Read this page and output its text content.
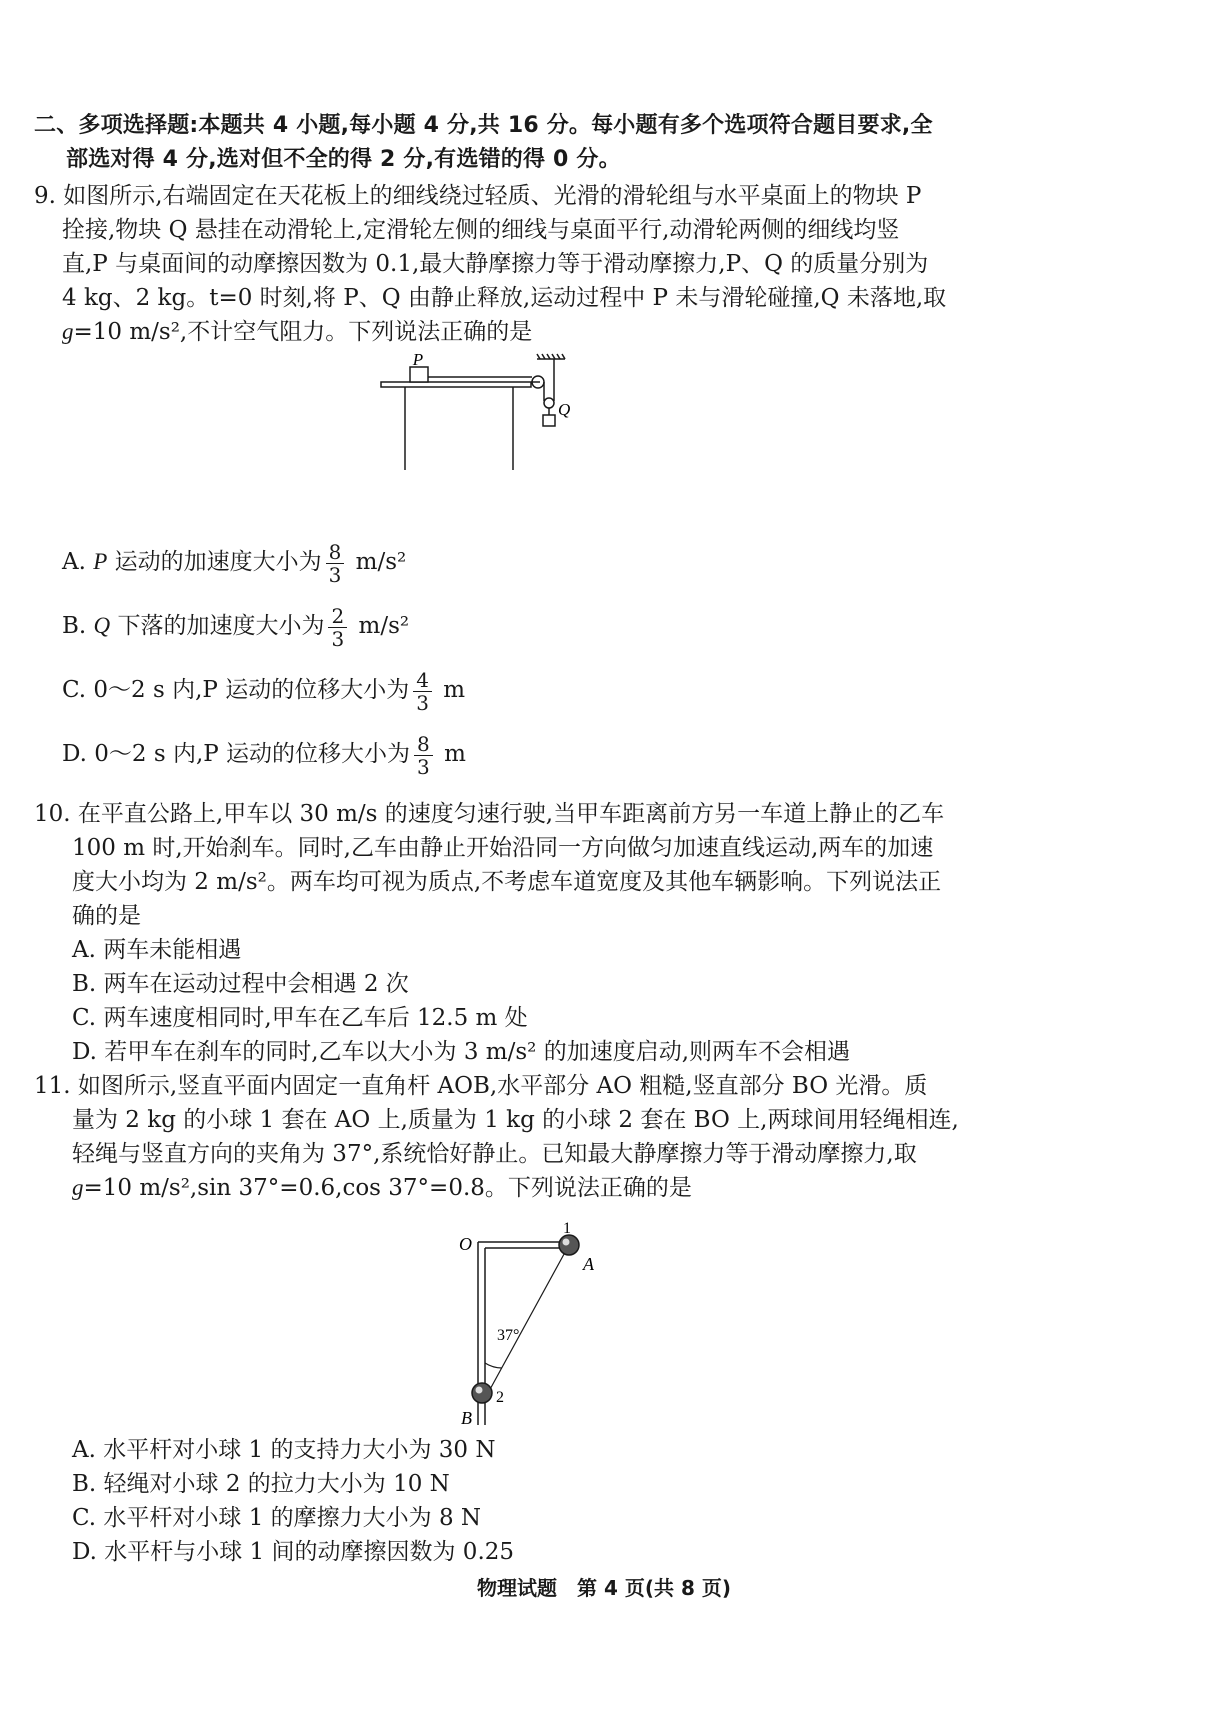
二、多项选择题:本题共 4 小题,每小题 4 分,共 16 分。每小题有多个选项符合题目要求,全
部选对得 4 分,选对但不全的得 2 分,有选错的得 0 分。
9. 如图所示,右端固定在天花板上的细线绕过轻质、光滑的滑轮组与水平桌面上的物块 P
拴接,物块 Q 悬挂在动滑轮上,定滑轮左侧的细线与桌面平行,动滑轮两侧的细线均竖
直,P 与桌面间的动摩擦因数为 0.1,最大静摩擦力等于滑动摩擦力,P、Q 的质量分别为
4 kg、2 kg。t=0 时刻,将 P、Q 由静止释放,运动过程中 P 未与滑轮碰撞,Q 未落地,取
g=10 m/s²,不计空气阻力。下列说法正确的是
P
Q
A. P 运动的加速度大小为 $\frac{8}{3} m/s^2$
B. Q 下落的加速度大小为 $\frac{2}{3} m/s^2$
C. 0～2 s 内,P 运动的位移大小为 $\frac{4}{3}$ m
D. 0～2 s 内,P 运动的位移大小为 $\frac{8}{3}$ m
10. 在平直公路上,甲车以 30 m/s 的速度匀速行驶,当甲车距离前方另一车道上静止的乙车
100 m 时,开始刹车。同时,乙车由静止开始沿同一方向做匀加速直线运动,两车的加速
度大小均为 2 m/s²。两车均可视为质点,不考虑车道宽度及其他车辆影响。下列说法正
确的是
A. 两车未能相遇
B. 两车在运动过程中会相遇 2 次
C. 两车速度相同时,甲车在乙车后 12.5 m 处
D. 若甲车在刹车的同时,乙车以大小为 3 m/s² 的加速度启动,则两车不会相遇
11. 如图所示,竖直平面内固定一直角杆 AOB,水平部分 AO 粗糙,竖直部分 BO 光滑。质
量为 2 kg 的小球 1 套在 AO 上,质量为 1 kg 的小球 2 套在 BO 上,两球间用轻绳相连,
轻绳与竖直方向的夹角为 37°,系统恰好静止。已知最大静摩擦力等于滑动摩擦力,取
g=10 m/s²,sin 37°=0.6,cos 37°=0.8。下列说法正确的是
O
1
A
37°
2
B
A. 水平杆对小球 1 的支持力大小为 30 N
B. 轻绳对小球 2 的拉力大小为 10 N
C. 水平杆对小球 1 的摩擦力大小为 8 N
D. 水平杆与小球 1 间的动摩擦因数为 0.25
物理试题　第 4 页(共 8 页)
